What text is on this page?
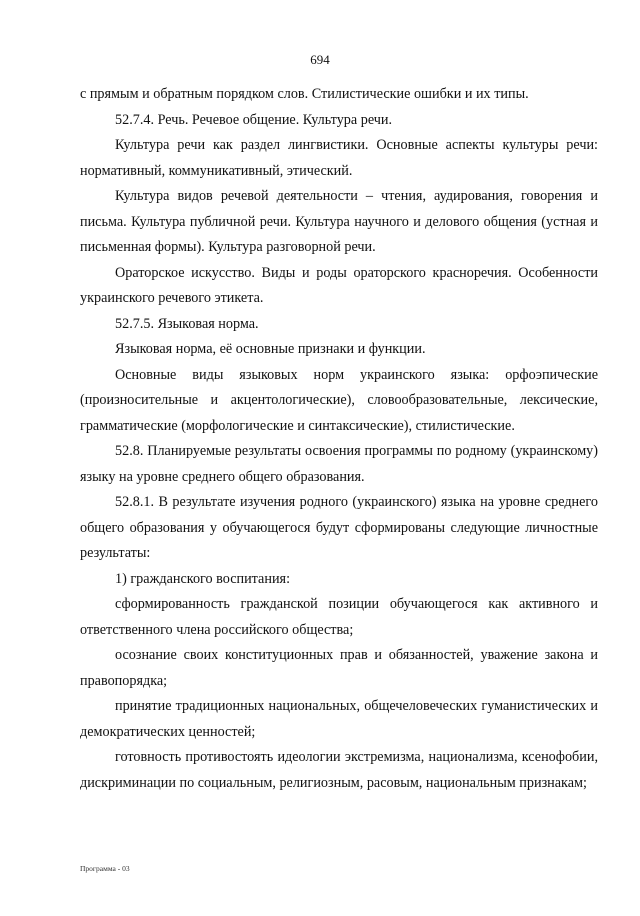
694

с прямым и обратным порядком слов. Стилистические ошибки и их типы.

52.7.4. Речь. Речевое общение. Культура речи.

Культура речи как раздел лингвистики. Основные аспекты культуры речи: нормативный, коммуникативный, этический.

Культура видов речевой деятельности – чтения, аудирования, говорения и письма. Культура публичной речи. Культура научного и делового общения (устная и письменная формы). Культура разговорной речи.

Ораторское искусство. Виды и роды ораторского красноречия. Особенности украинского речевого этикета.

52.7.5. Языковая норма.

Языковая норма, её основные признаки и функции.

Основные виды языковых норм украинского языка: орфоэпические (произносительные и акцентологические), словообразовательные, лексические, грамматические (морфологические и синтаксические), стилистические.

52.8. Планируемые результаты освоения программы по родному (украинскому) языку на уровне среднего общего образования.

52.8.1. В результате изучения родного (украинского) языка на уровне среднего общего образования у обучающегося будут сформированы следующие личностные результаты:

1) гражданского воспитания:

сформированность гражданской позиции обучающегося как активного и ответственного члена российского общества;

осознание своих конституционных прав и обязанностей, уважение закона и правопорядка;

принятие традиционных национальных, общечеловеческих гуманистических и демократических ценностей;

готовность противостоять идеологии экстремизма, национализма, ксенофобии, дискриминации по социальным, религиозным, расовым, национальным признакам;

Программа - 03
